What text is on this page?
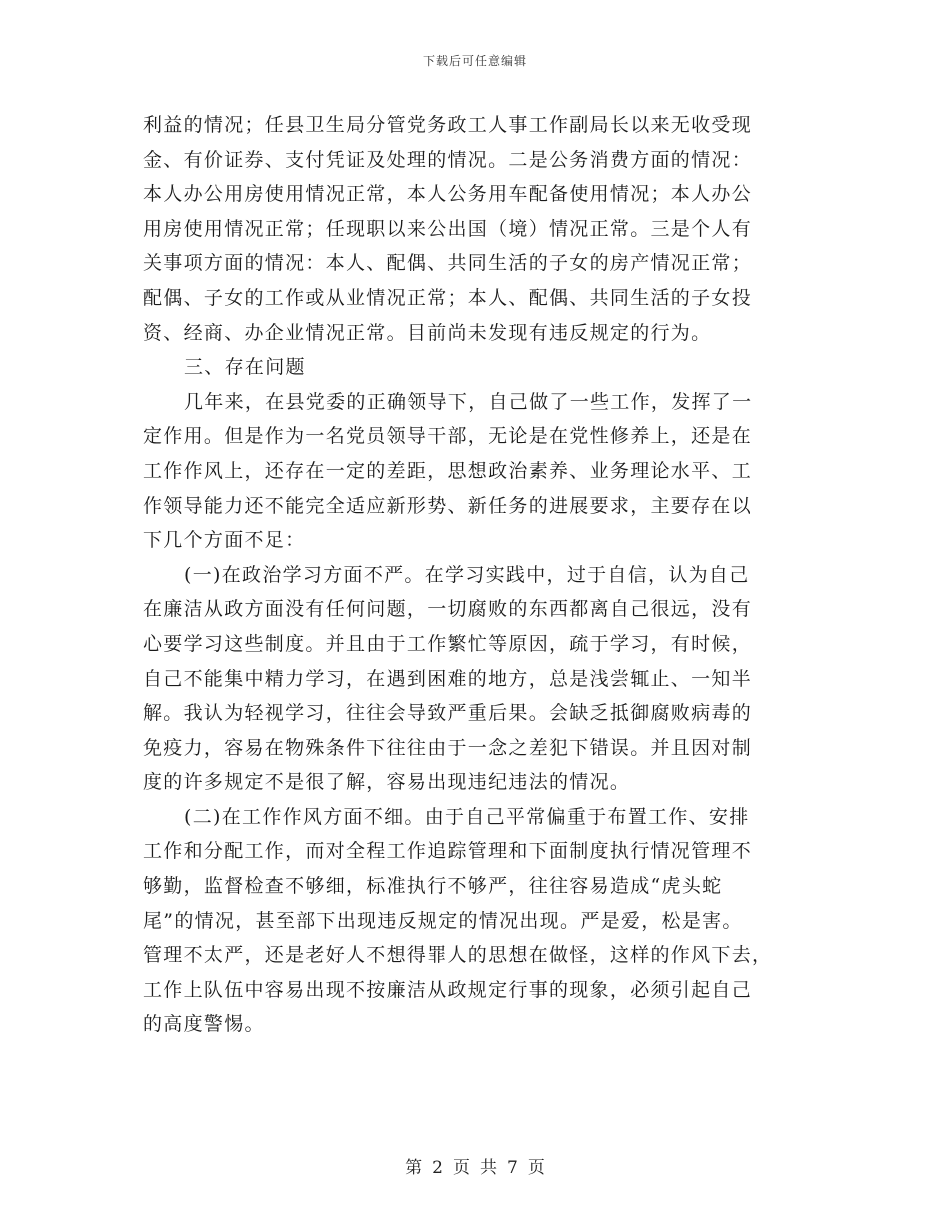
下载后可任意编辑
利益的情况；任县卫生局分管党务政工人事工作副局长以来无收受现
金、有价证券、支付凭证及处理的情况。二是公务消费方面的情况：
本人办公用房使用情况正常，本人公务用车配备使用情况；本人办公
用房使用情况正常；任现职以来公出国（境）情况正常。三是个人有
关事项方面的情况：本人、配偶、共同生活的子女的房产情况正常；
配偶、子女的工作或从业情况正常；本人、配偶、共同生活的子女投
资、经商、办企业情况正常。目前尚未发现有违反规定的行为。
三、存在问题
几年来，在县党委的正确领导下，自己做了一些工作，发挥了一
定作用。但是作为一名党员领导干部，无论是在党性修养上，还是在
工作作风上，还存在一定的差距，思想政治素养、业务理论水平、工
作领导能力还不能完全适应新形势、新任务的进展要求，主要存在以
下几个方面不足：
(一)在政治学习方面不严。在学习实践中，过于自信，认为自己
在廉洁从政方面没有任何问题，一切腐败的东西都离自己很远，没有
心要学习这些制度。并且由于工作繁忙等原因，疏于学习，有时候，
自己不能集中精力学习，在遇到困难的地方，总是浅尝辄止、一知半
解。我认为轻视学习，往往会导致严重后果。会缺乏抵御腐败病毒的
免疫力，容易在物殊条件下往往由于一念之差犯下错误。并且因对制
度的许多规定不是很了解，容易出现违纪违法的情况。
(二)在工作作风方面不细。由于自己平常偏重于布置工作、安排
工作和分配工作，而对全程工作追踪管理和下面制度执行情况管理不
够勤，监督检查不够细，标准执行不够严，往往容易造成“虎头蛇
尾”的情况，甚至部下出现违反规定的情况出现。严是爱，松是害。
管理不太严，还是老好人不想得罪人的思想在做怪，这样的作风下去，
工作上队伍中容易出现不按廉洁从政规定行事的现象，必须引起自己
的高度警惕。
第 2 页 共 7 页
